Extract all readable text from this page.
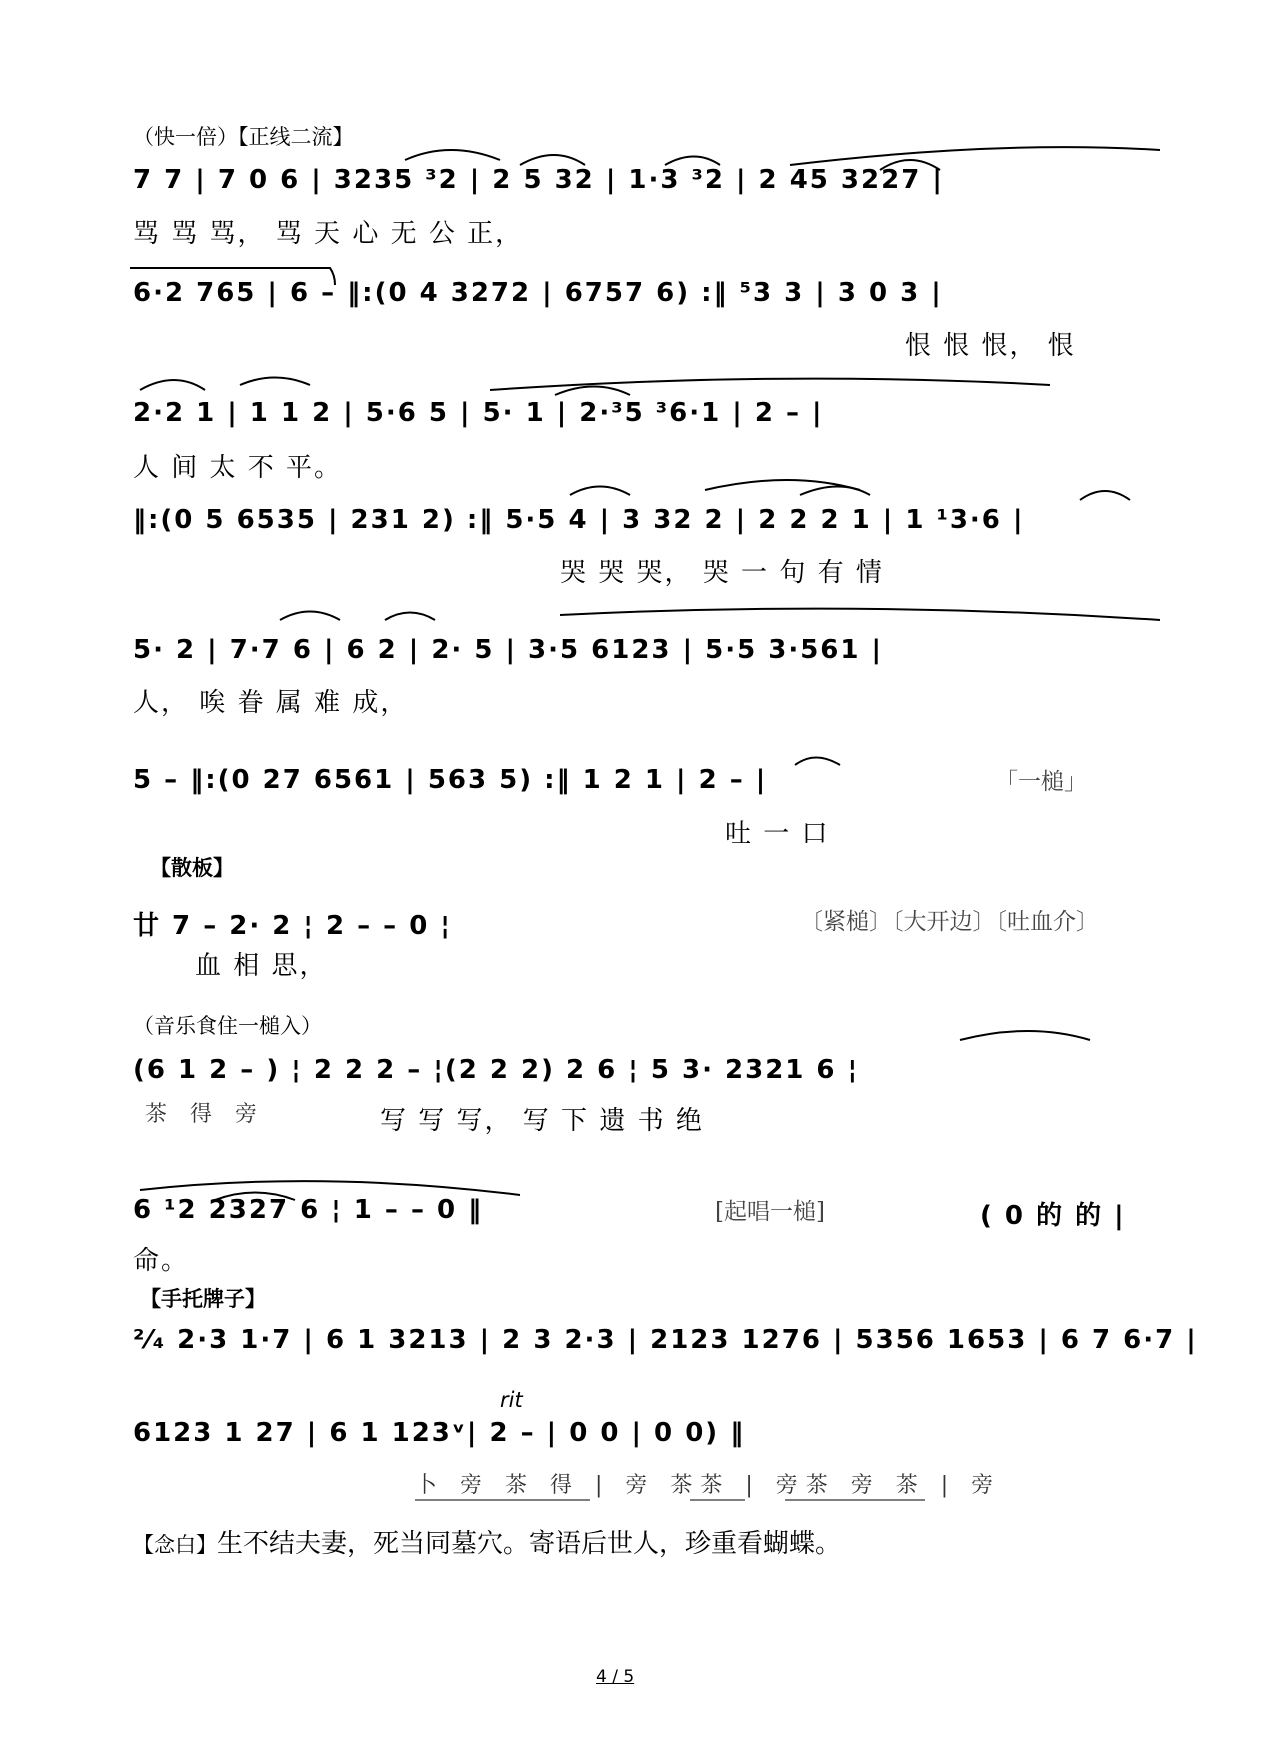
（快一倍）【正线二流】
7 7 | 7 0 6 | 3235 ³2 | 2 5 32 | 1·3 ³2 | 2 45 3227 |
骂 骂 骂， 骂 天 心 无 公 正，
6·2 765 | 6 – ‖:(0 4 3272 | 6757 6) :‖ ⁵3 3 | 3 0 3 |
恨 恨 恨， 恨
2·2 1 | 1 1 2 | 5·6 5 | 5· 1 | 2·³5 ³6·1 | 2 – |
人 间 太 不 平。
‖:(0 5 6535 | 231 2) :‖ 5·5 4 | 3 32 2 | 2 2 2 1 | 1 ¹3·6 |
哭 哭 哭， 哭 一 句 有 情
5· 2 | 7·7 6 | 6 2 | 2· 5 | 3·5 6123 | 5·5 3·561 |
人， 唉 眷 属 难 成，
5 – ‖:(0 27 6561 | 563 5) :‖ 1 2 1 | 2 – |	「一槌」
吐 一 口
【散板】
廿 7 – 2· 2 ¦ 2 – – 0 ¦	〔紧槌〕〔大开边〕〔吐血介〕
血 相 思，
（音乐食住一槌入）
(6 1 2 – ) ¦ 2 2 2 – ¦(2 2 2) 2 6 ¦ 5 3· 2321 6 ¦
茶 得 旁	写 写 写， 写 下 遗 书 绝
6 ¹2 2327 6 ¦ 1 – – 0 ‖	[起唱一槌]	( 0 的 的 |
命。
【手托牌子】
²⁄₄ 2·3 1·7 | 6 1 3213 | 2 3 2·3 | 2123 1276 | 5356 1653 | 6 7 6·7 |
rit
6123 1 27 | 6 1 123ᵛ| 2 – | 0 0 | 0 0) ‖
卜 旁 茶 得 | 旁 茶茶 | 旁茶 旁 茶 | 旁
【念白】生不结夫妻，死当同墓穴。寄语后世人，珍重看蝴蝶。
4 / 5
